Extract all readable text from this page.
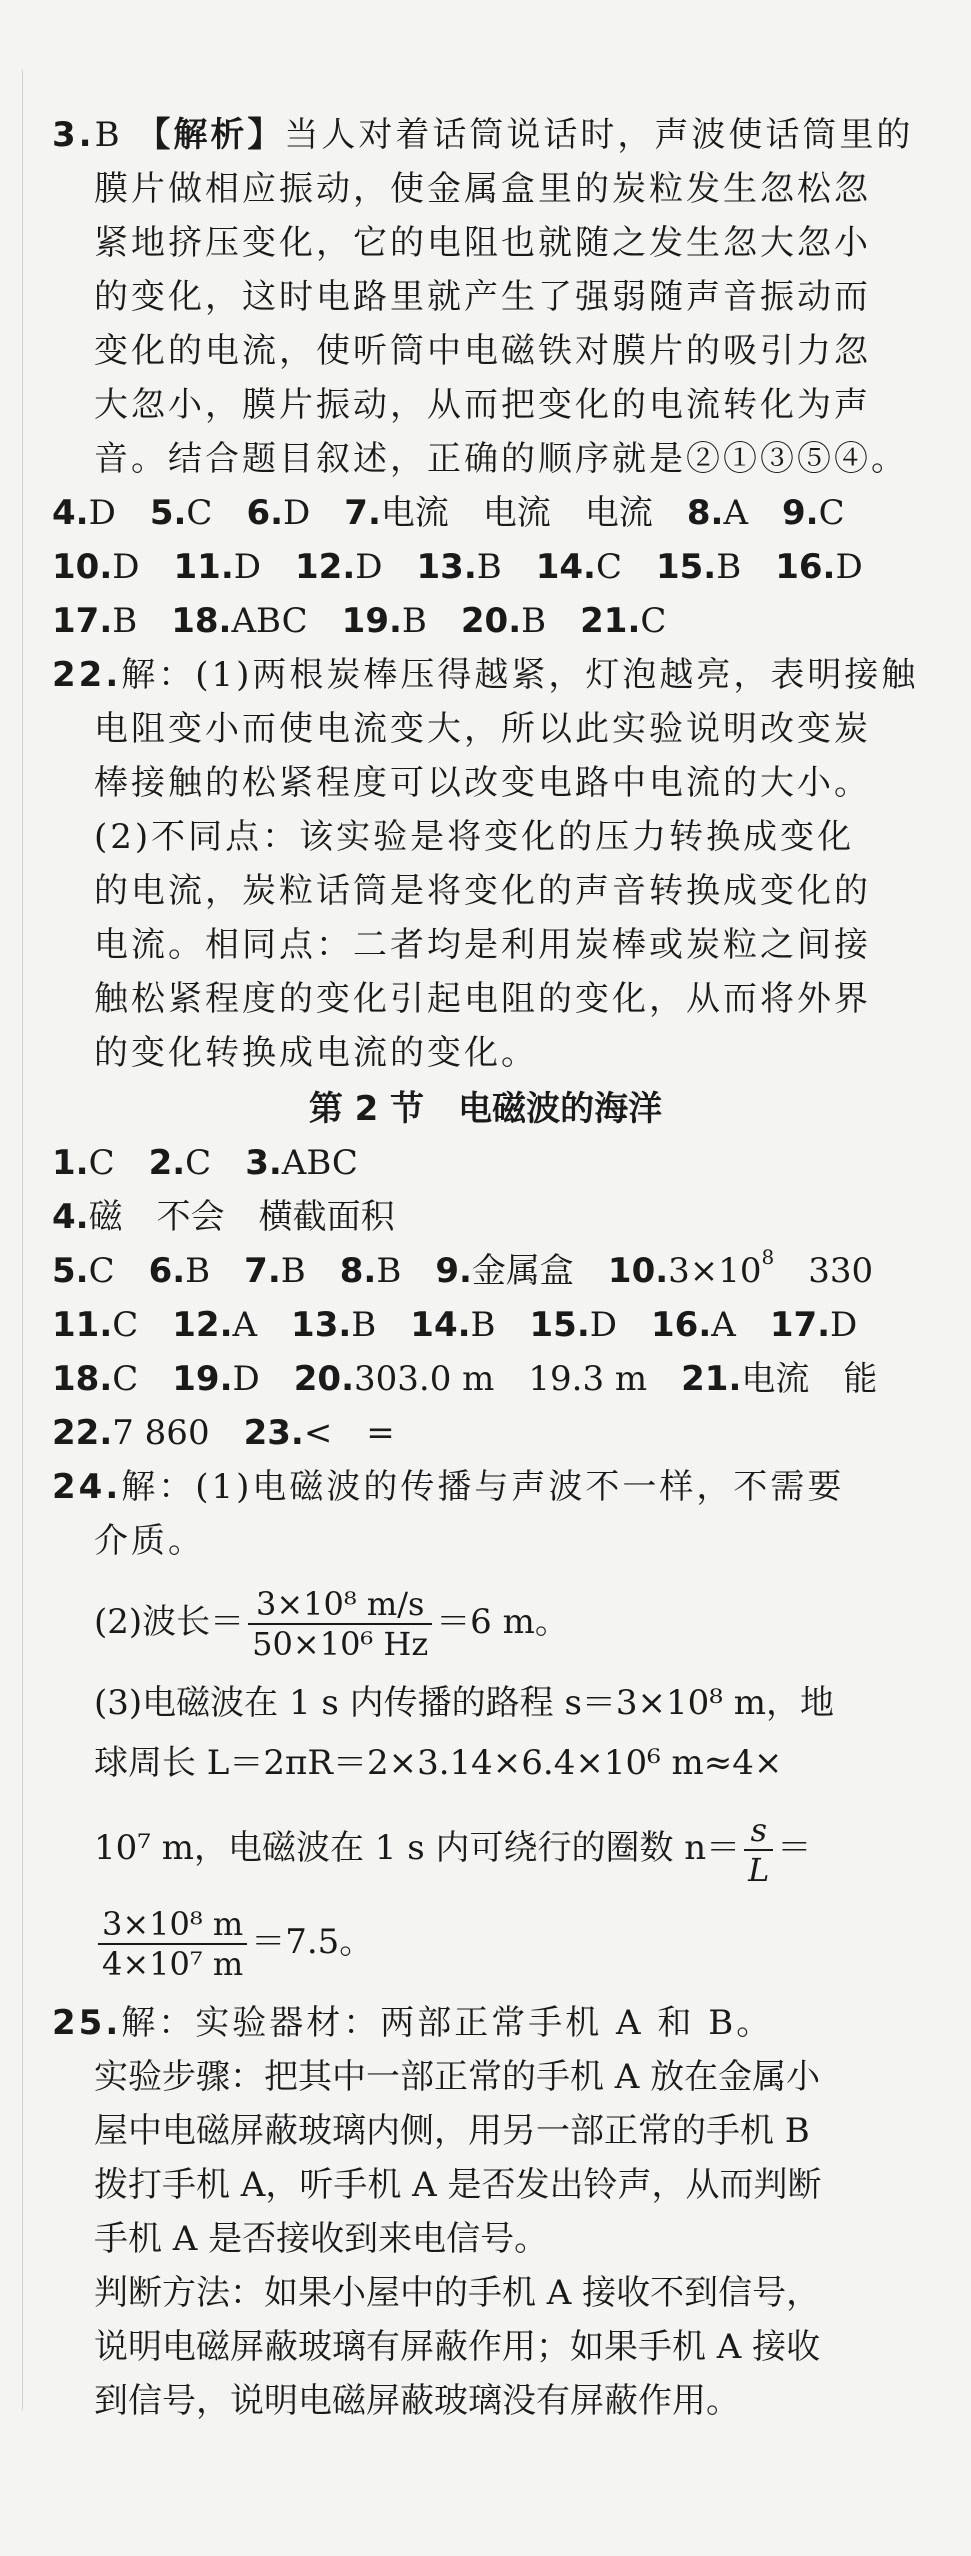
3.B 【解析】当人对着话筒说话时，声波使话筒里的
膜片做相应振动，使金属盒里的炭粒发生忽松忽
紧地挤压变化，它的电阻也就随之发生忽大忽小
的变化，这时电路里就产生了强弱随声音振动而
变化的电流，使听筒中电磁铁对膜片的吸引力忽
大忽小，膜片振动，从而把变化的电流转化为声
音。结合题目叙述，正确的顺序就是②①③⑤④。
4.D 5.C 6.D 7.电流　电流　电流 8.A 9.C
10.D 11.D 12.D 13.B 14.C 15.B 16.D
17.B 18.ABC 19.B 20.B 21.C
22.解：(1)两根炭棒压得越紧，灯泡越亮，表明接触
电阻变小而使电流变大，所以此实验说明改变炭
棒接触的松紧程度可以改变电路中电流的大小。
(2)不同点：该实验是将变化的压力转换成变化
的电流，炭粒话筒是将变化的声音转换成变化的
电流。相同点：二者均是利用炭棒或炭粒之间接
触松紧程度的变化引起电阻的变化，从而将外界
的变化转换成电流的变化。
第 2 节　 电磁波的海洋
1.C 2.C 3.ABC
4.磁　不会　横截面积
5.C 6.B 7.B 8.B 9.金属盒 $10.3\times 10^8$　330
11.C 12.A 13.B 14.B 15.D 16.A 17.D
18.C 19.D 20.303.0 m　19.3 m 21.电流　能
22.7 860 23.<　=
24.解：(1)电磁波的传播与声波不一样，不需要
介质。
(2)波长＝ $\frac{\text{3×10⁸ m/s}}{\text{50×10⁶ Hz}} =6$ m。
(3)电磁波在 1 s 内传播的路程 s＝3×10⁸ m，地
球周长 L＝2πR＝2×3.14×6.4×10⁶ m≈4×
10⁷ m，电磁波在 1 s 内可绕行的圈数 $n= \frac{s}{L}$ ＝
$\frac{\text{3×10⁸ m}}{\text{4×10⁷ m}} =7.5$。
25.解：实验器材：两部正常手机 A 和 B。
实验步骤：把其中一部正常的手机 A 放在金属小
屋中电磁屏蔽玻璃内侧，用另一部正常的手机 B
拨打手机 A，听手机 A 是否发出铃声，从而判断
手机 A 是否接收到来电信号。
判断方法：如果小屋中的手机 A 接收不到信号，
说明电磁屏蔽玻璃有屏蔽作用；如果手机 A 接收
到信号，说明电磁屏蔽玻璃没有屏蔽作用。
